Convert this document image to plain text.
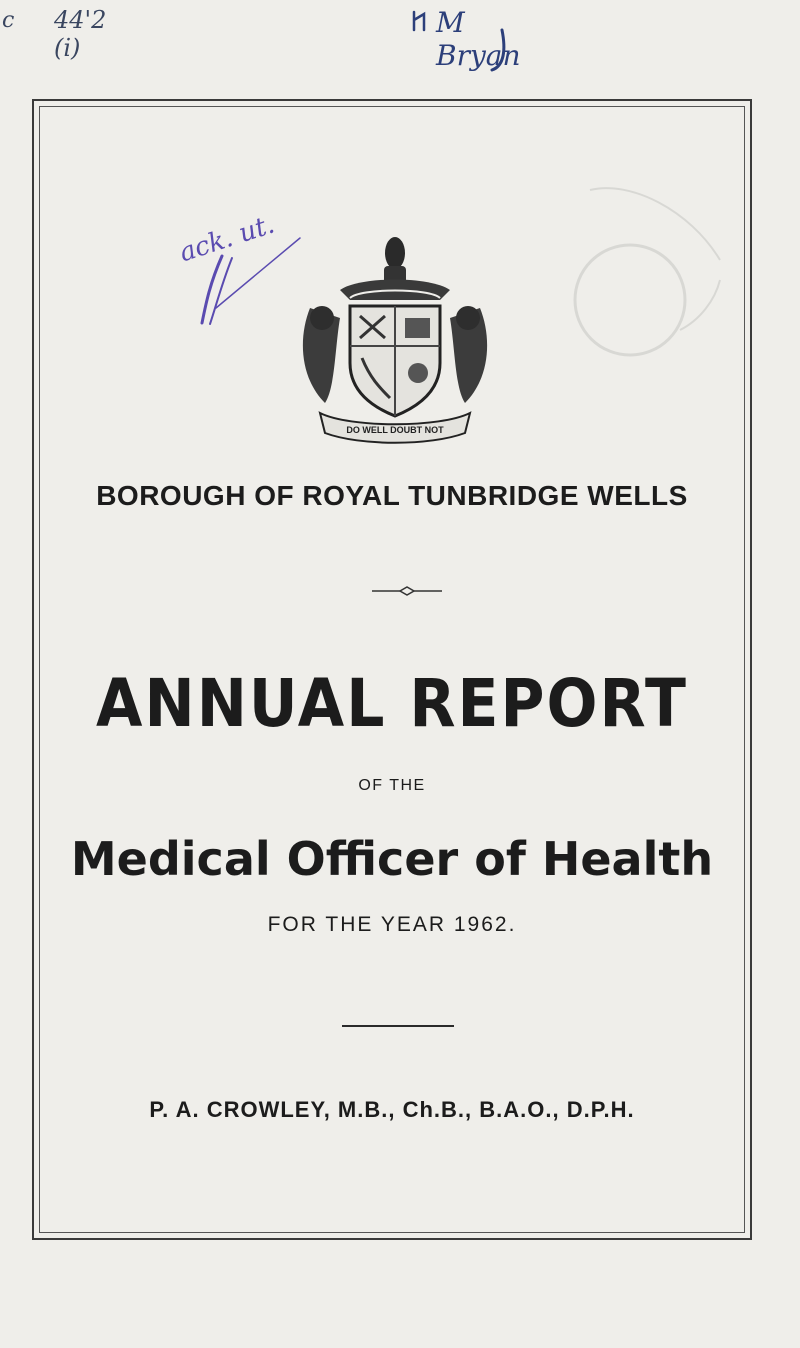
c 44'2 (i)
M Bryan
ack. ut.
DO WELL DOUBT NOT
BOROUGH OF ROYAL TUNBRIDGE WELLS
ANNUAL REPORT
OF THE
Medical Officer of Health
FOR THE YEAR 1962.
P. A. CROWLEY, M.B., Ch.B., B.A.O., D.P.H.
